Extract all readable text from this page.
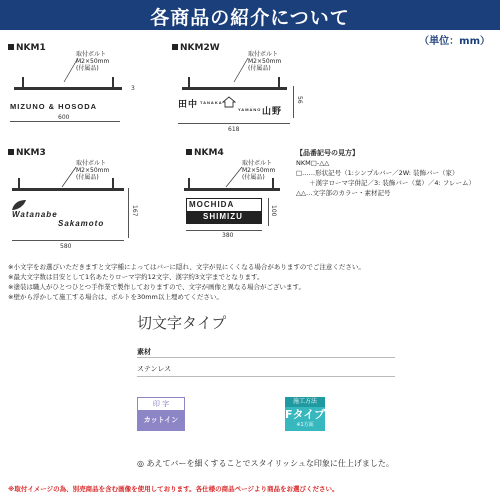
各商品の紹介について
（単位：mm）
NKM1
取付ボルト
M2×50mm
(付属品)
3
MIZUNO & HOSODA
600
NKM2W
取付ボルト
M2×50mm
(付属品)
田中 TANAKA
YAMANO 山野
56
618
【品番記号の見方】
NKM□-△△
□……形状記号（1:シンプルバー／2W: 装飾バー（家）
　　＋漢字ローマ字併記／3: 装飾バー（葉）／4: フレーム）
△△…文字部のカラー・素材記号
NKM3
取付ボルト
M2×50mm
(付属品)
Watanabe
Sakamoto
167
580
NKM4
取付ボルト
M2×50mm
(付属品)
MOCHIDA
SHIMIZU
100
380
※小文字をお選びいただきますと文字種によってはバーに隠れ、文字が見にくくなる場合がありますのでご注意ください。
※最大文字数は目安として1名あたりローマ字約12文字、漢字約3文字までとなります。
※塗装は職人がひとつひとつ手作業で製作しておりますので、文字が画像と異なる場合がございます。
※壁から浮かして施工する場合は、ボルトを30mm以上埋めてください。
切文字タイプ
素材
ステンレス
印 字
カットイン
施工方法
Fタイプ
※1方面
◎ あえてバーを細くすることでスタイリッシュな印象に仕上げました。
※取付イメージの為、別売商品を含む画像を使用しております。各仕様の商品ページより商品をお選びください。
